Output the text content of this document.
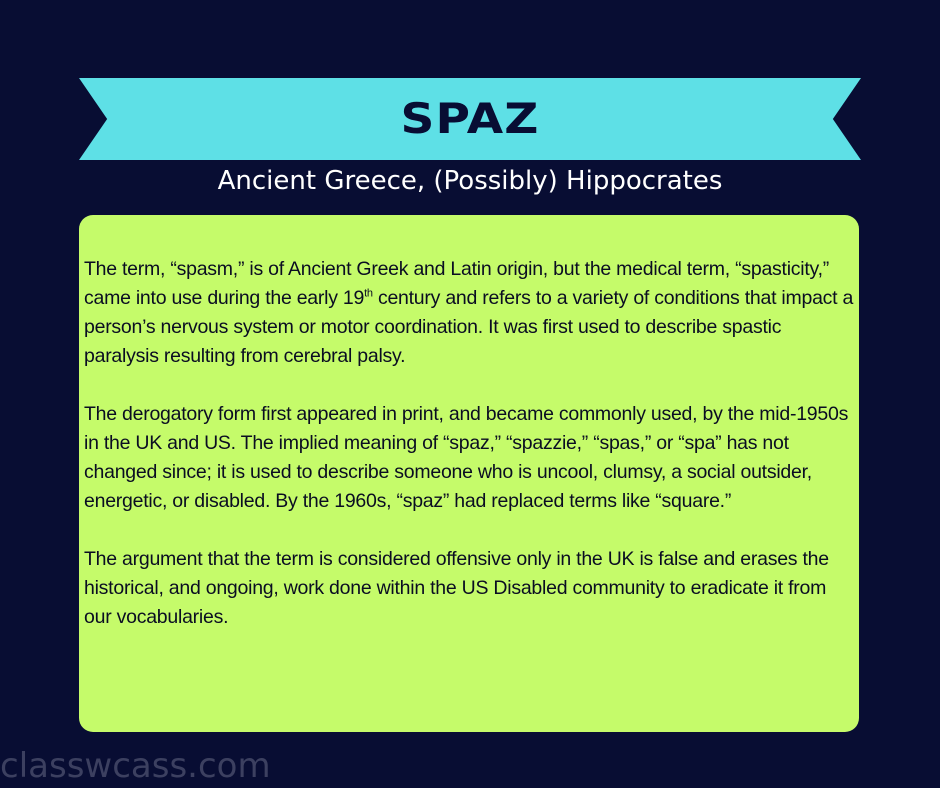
SPAZ
Ancient Greece, (Possibly) Hippocrates

The term, “spasm,” is of Ancient Greek and Latin origin, but the medical term, “spasticity,” came into use during the early 19th century and refers to a variety of conditions that impact a person’s nervous system or motor coordination. It was first used to describe spastic paralysis resulting from cerebral palsy.

The derogatory form first appeared in print, and became commonly used, by the mid-1950s in the UK and US. The implied meaning of “spaz,” “spazzie,” “spas,” or “spa” has not changed since; it is used to describe someone who is uncool, clumsy, a social outsider, energetic, or disabled. By the 1960s, “spaz” had replaced terms like “square.”

The argument that the term is considered offensive only in the UK is false and erases the historical, and ongoing, work done within the US Disabled community to eradicate it from our vocabularies.

classwcass.com
